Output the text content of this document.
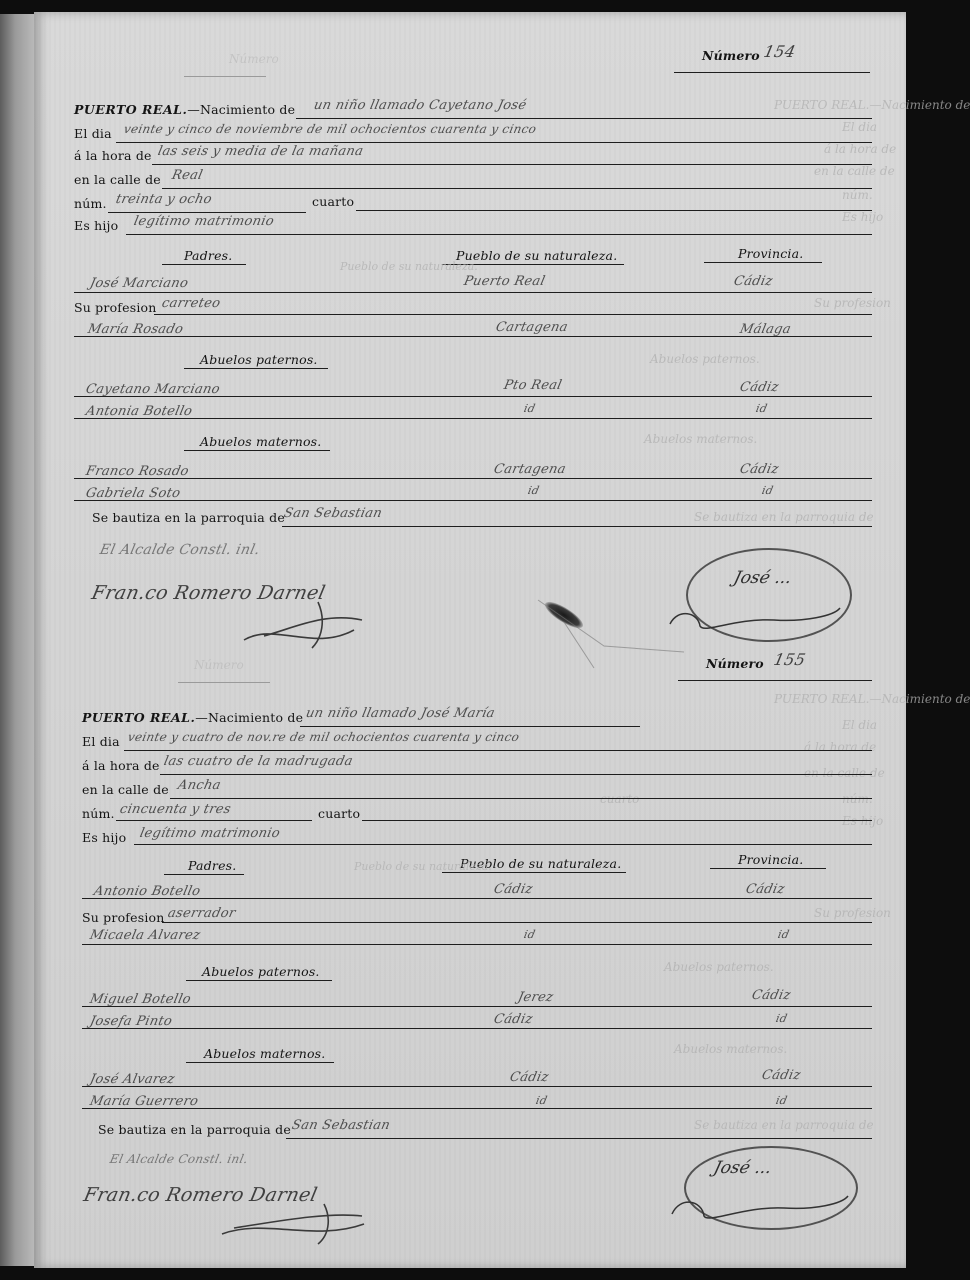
Número	Número 154
PUERTO REAL.—Nacimiento de
El dia
á la hora de
en la calle de
núm.
Es hijo
PUERTO REAL.—Nacimiento de un niño llamado Cayetano José
El dia veinte y cinco de noviembre de mil ochocientos cuarenta y cinco
á la hora de las seis y media de la mañana
en la calle de Real
núm. treinta y ocho	cuarto
Es hijo legítimo matrimonio
Padres.	Pueblo de su naturaleza.	Provincia.
Pueblo de su naturaleza.
José Marciano	Puerto Real	Cádiz
Su profesion carreteo	Su profesion
María Rosado	Cartagena	Málaga
Abuelos paternos.	Abuelos paternos.
Cayetano Marciano	Pto Real	Cádiz
Antonia Botello	id	id
Abuelos maternos.	Abuelos maternos.
Franco Rosado	Cartagena	Cádiz
Gabriela Soto	id	id
Se bautiza en la parroquia de
San Sebastian	Se bautiza en la parroquia de
El Alcalde Constl. inl.
Fran.co Romero Darnel
José ...
Número	Número 155
PUERTO REAL.—Nacimiento de
El dia
á la hora de
en la calle de
núm.
cuarto
Es hijo
PUERTO REAL.—Nacimiento de un niño llamado José María
El dia veinte y cuatro de nov.re de mil ochocientos cuarenta y cinco
á la hora de las cuatro de la madrugada
en la calle de Ancha
núm. cincuenta y tres	cuarto
Es hijo legítimo matrimonio
Padres.	Pueblo de su naturaleza.	Provincia.
Pueblo de su naturaleza.
Antonio Botello	Cádiz	Cádiz
Su profesion aserrador	Su profesion
Micaela Alvarez	id	id
Abuelos paternos.	Abuelos paternos.
Miguel Botello	Jerez	Cádiz
Josefa Pinto	Cádiz	id
Abuelos maternos.	Abuelos maternos.
José Alvarez	Cádiz	Cádiz
María Guerrero	id	id
Se bautiza en la parroquia de San Sebastian	Se bautiza en la parroquia de
El Alcalde Constl. inl.
Fran.co Romero Darnel
José ...
